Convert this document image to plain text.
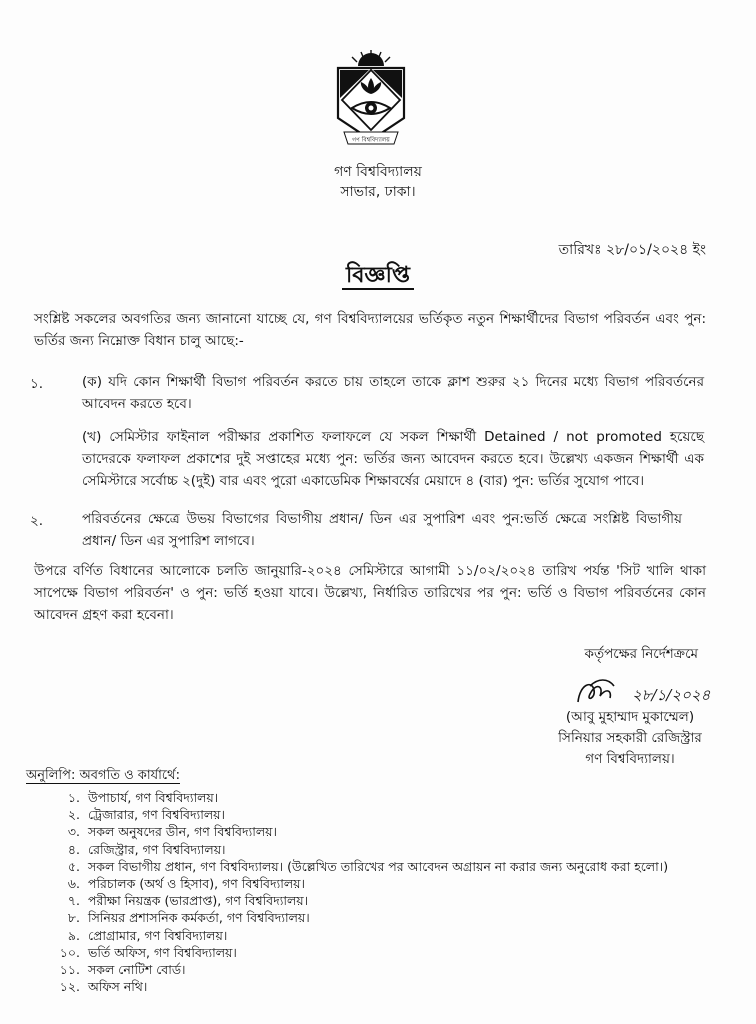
গণ বিশ্ববিদ্যালয়
গণ বিশ্ববিদ্যালয়
সাভার, ঢাকা।
তারিখঃ ২৮/০১/২০২৪ ইং
বিজ্ঞপ্তি
সংশ্লিষ্ট সকলের অবগতির জন্য জানানো যাচ্ছে যে, গণ বিশ্ববিদ্যালয়ের ভর্তিকৃত নতুন শিক্ষার্থীদের বিভাগ পরিবর্তন এবং পুন: ভর্তির জন্য নিম্নোক্ত বিধান চালু আছে:-
১.	(ক) যদি কোন শিক্ষার্থী বিভাগ পরিবর্তন করতে চায় তাহলে তাকে ক্লাশ শুরুর ২১ দিনের মধ্যে বিভাগ পরিবর্তনের আবেদন করতে হবে।
(খ) সেমিস্টার ফাইনাল পরীক্ষার প্রকাশিত ফলাফলে যে সকল শিক্ষার্থী Detained / not promoted হয়েছে তাদেরকে ফলাফল প্রকাশের দুই সপ্তাহের মধ্যে পুন: ভর্তির জন্য আবেদন করতে হবে। উল্লেখ্য একজন শিক্ষার্থী এক সেমিস্টারে সর্বোচ্চ ২(দুই) বার এবং পুরো একাডেমিক শিক্ষাবর্ষের মেয়াদে ৪ (বার) পুন: ভর্তির সুযোগ পাবে।
২.	পরিবর্তনের ক্ষেত্রে উভয় বিভাগের বিভাগীয় প্রধান/ ডিন এর সুপারিশ এবং পুন:ভর্তি ক্ষেত্রে সংশ্লিষ্ট বিভাগীয় প্রধান/ ডিন এর সুপারিশ লাগবে।
উপরে বর্ণিত বিধানের আলোকে চলতি জানুয়ারি-২০২৪ সেমিস্টারে আগামী ১১/০২/২০২৪ তারিখ পর্যন্ত 'সিট খালি থাকা সাপেক্ষে বিভাগ পরিবর্তন' ও পুন: ভর্তি হওয়া যাবে। উল্লেখ্য, নির্ধারিত তারিখের পর পুন: ভর্তি ও বিভাগ পরিবর্তনের কোন আবেদন গ্রহণ করা হবেনা।
কর্তৃপক্ষের নির্দেশক্রমে
২৮/১/২০২৪
(আবু মুহাম্মাদ মুকাম্মেল)
সিনিয়ার সহকারী রেজিস্ট্রার
গণ বিশ্ববিদ্যালয়।
অনুলিপি: অবগতি ও কার্যার্থে:
১. উপাচার্য, গণ বিশ্ববিদ্যালয়।
২. ট্রেজারার, গণ বিশ্ববিদ্যালয়।
৩. সকল অনুষদের ডীন, গণ বিশ্ববিদ্যালয়।
৪. রেজিস্ট্রার, গণ বিশ্ববিদ্যালয়।
৫. সকল বিভাগীয় প্রধান, গণ বিশ্ববিদ্যালয়। (উল্লেখিত তারিখের পর আবেদন অগ্রায়ন না করার জন্য অনুরোধ করা হলো।)
৬. পরিচালক (অর্থ ও হিসাব), গণ বিশ্ববিদ্যালয়।
৭. পরীক্ষা নিয়ন্ত্রক (ভারপ্রাপ্ত), গণ বিশ্ববিদ্যালয়।
৮. সিনিয়র প্রশাসনিক কর্মকর্তা, গণ বিশ্ববিদ্যালয়।
৯. প্রোগ্রামার, গণ বিশ্ববিদ্যালয়।
১০. ভর্তি অফিস, গণ বিশ্ববিদ্যালয়।
১১. সকল নোটিশ বোর্ড।
১২. অফিস নথি।
